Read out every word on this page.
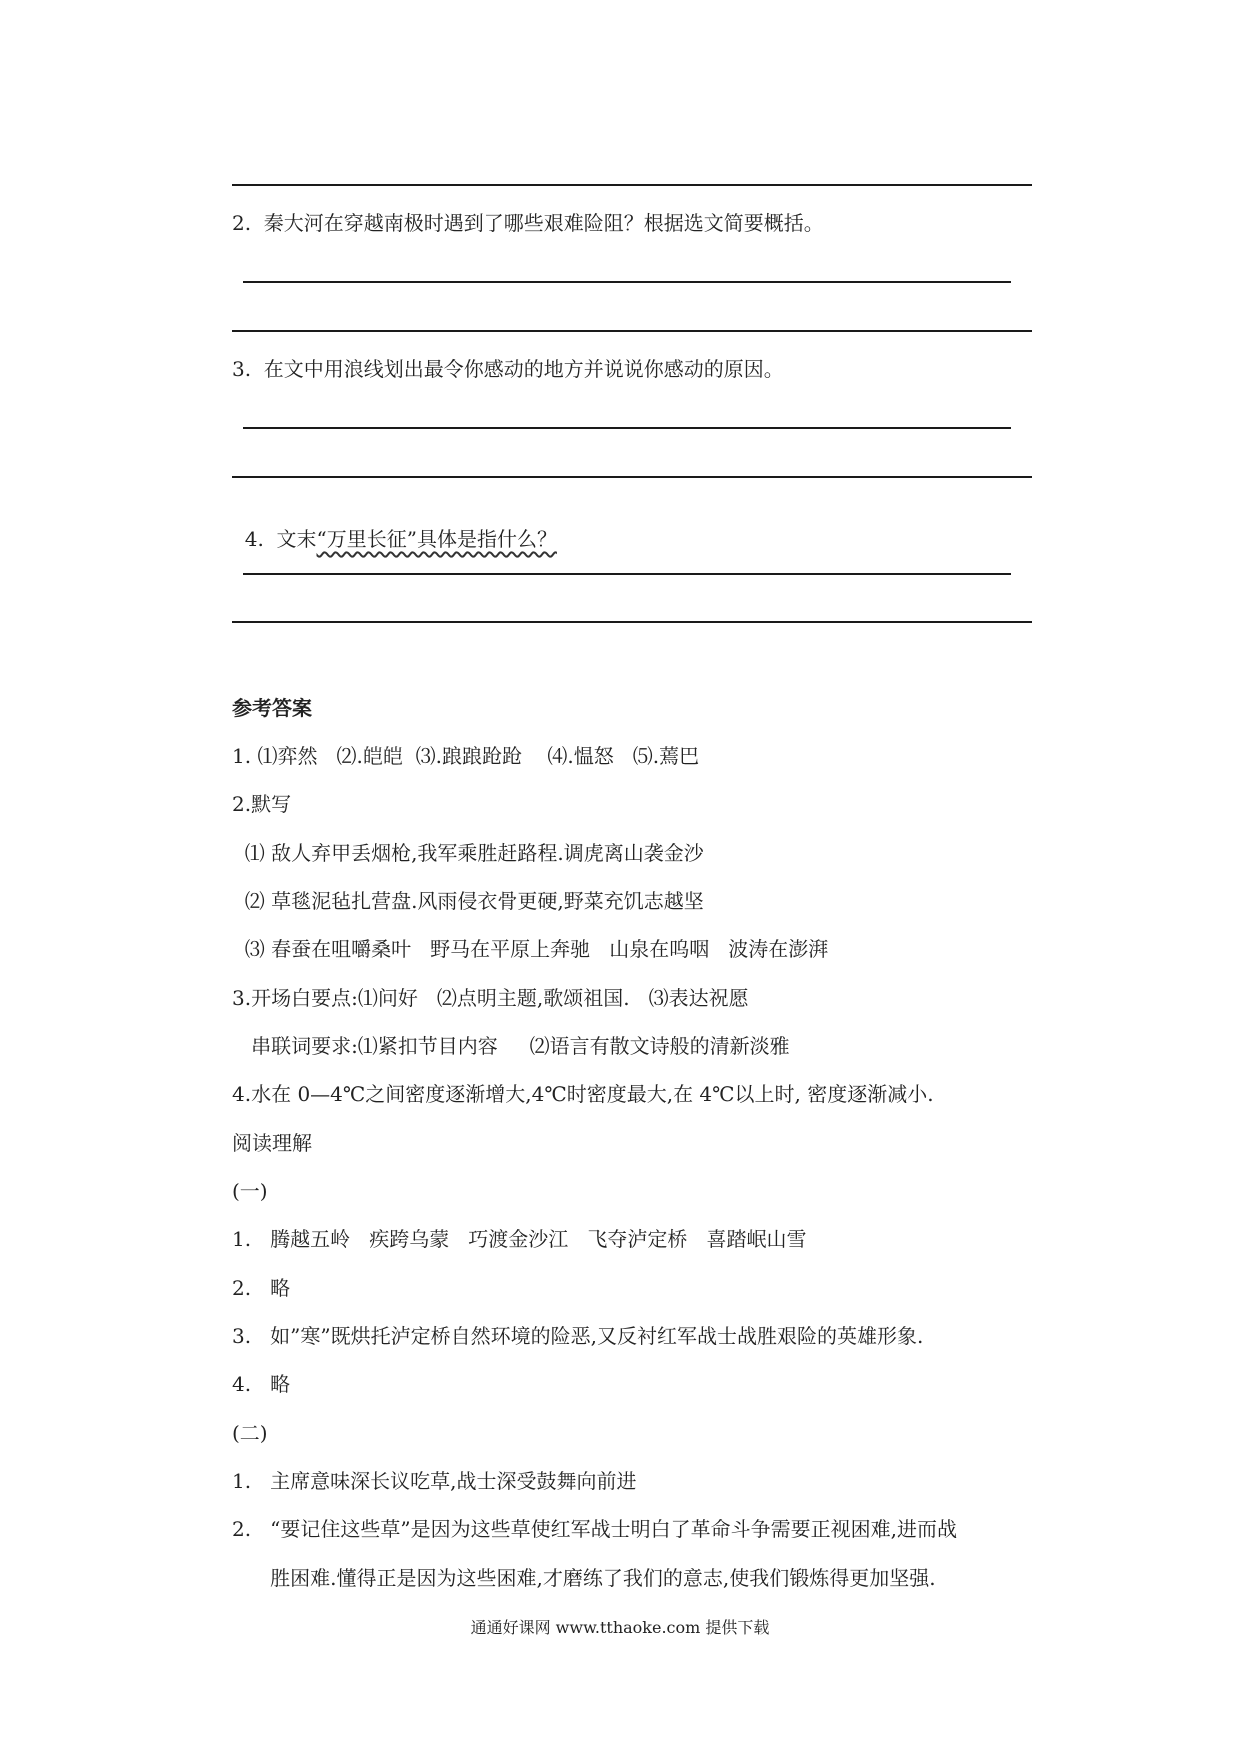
2.  秦大河在穿越南极时遇到了哪些艰难险阻？根据选文简要概括。
3.  在文中用浪线划出最令你感动的地方并说说你感动的原因。

4.  文末“万里长征”具体是指什么？

参考答案
1. ⑴弈然   ⑵.皑皑  ⑶.踉踉跄跄    ⑷.愠怒   ⑸.蔫巴
2.默写
⑴ 敌人弃甲丢烟枪,我军乘胜赶路程.调虎离山袭金沙
⑵ 草毯泥毡扎营盘.风雨侵衣骨更硬,野菜充饥志越坚
⑶ 春蚕在咀嚼桑叶   野马在平原上奔驰   山泉在呜咽   波涛在澎湃
3.开场白要点:⑴问好   ⑵点明主题,歌颂祖国.   ⑶表达祝愿
串联词要求:⑴紧扣节目内容     ⑵语言有散文诗般的清新淡雅
4.水在 0—4℃之间密度逐渐增大,4℃时密度最大,在 4℃以上时, 密度逐渐减小.
阅读理解
(一)
1.   腾越五岭   疾跨乌蒙   巧渡金沙江   飞夺泸定桥   喜踏岷山雪
2.   略
3.   如”寒”既烘托泸定桥自然环境的险恶,又反衬红军战士战胜艰险的英雄形象.
4.   略
(二)
1.   主席意味深长议吃草,战士深受鼓舞向前进
2.   “要记住这些草”是因为这些草使红军战士明白了革命斗争需要正视困难,进而战
胜困难.懂得正是因为这些困难,才磨练了我们的意志,使我们锻炼得更加坚强.
通通好课网 www.tthaoke.com 提供下载
